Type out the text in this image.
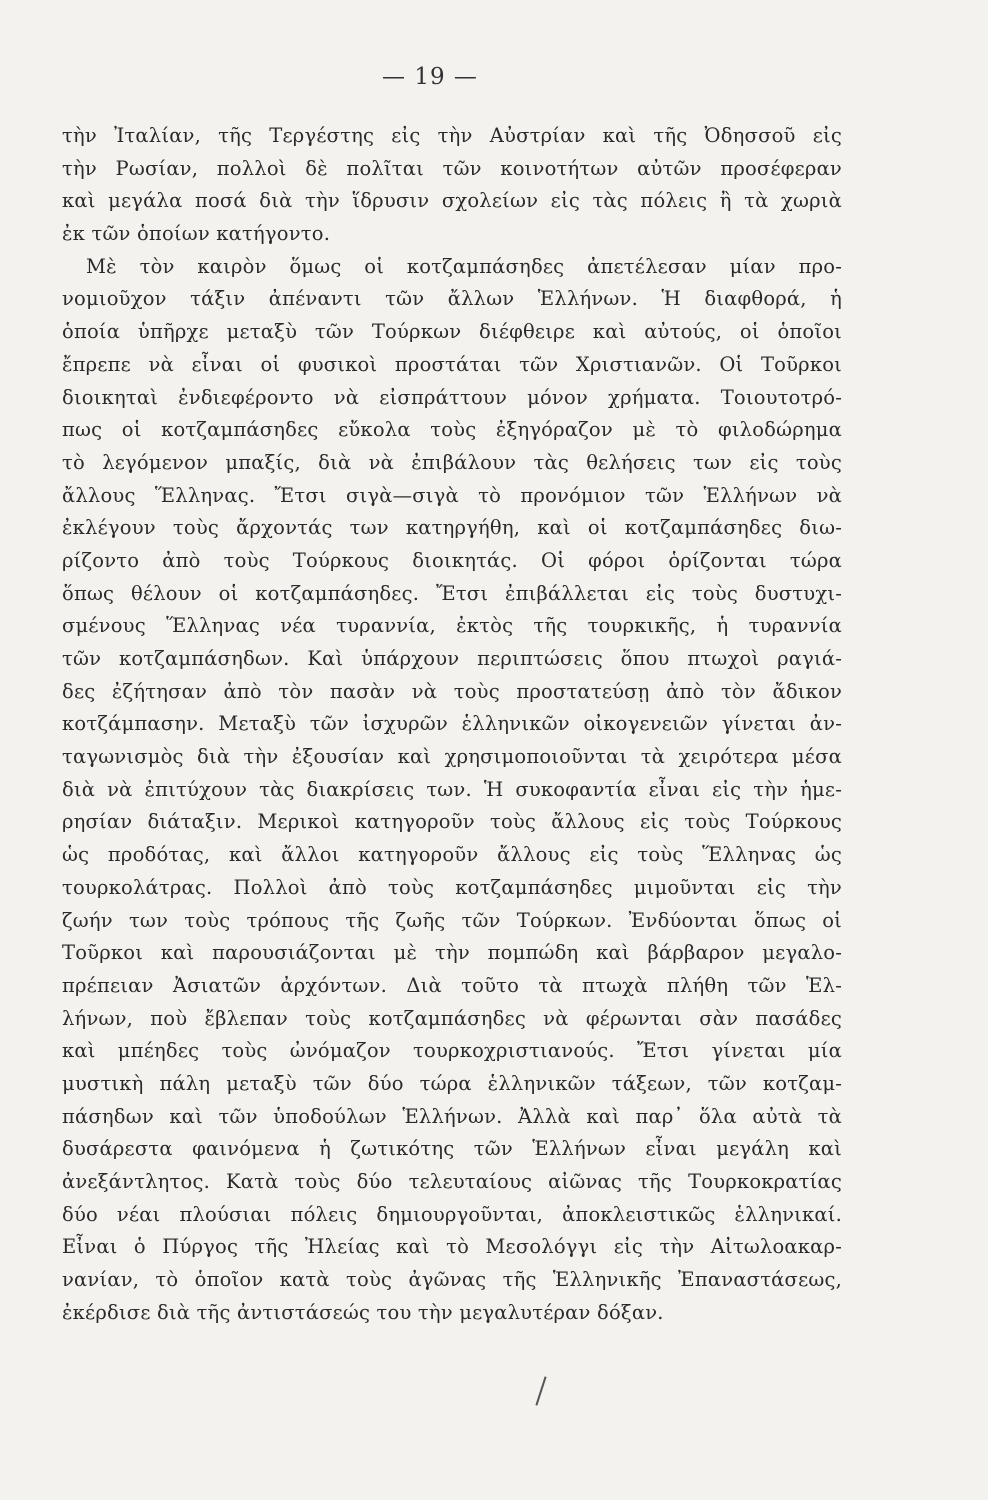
— 19 —
τὴν Ἰταλίαν, τῆς Τεργέστης εἰς τὴν Αὐστρίαν καὶ τῆς Ὀδησσοῦ εἰς
τὴν Ρωσίαν, πολλοὶ δὲ πολῖται τῶν κοινοτήτων αὐτῶν προσέφεραν
καὶ μεγάλα ποσά διὰ τὴν ἵδρυσιν σχολείων εἰς τὰς πόλεις ἢ τὰ χωριὰ
ἐκ τῶν ὁποίων κατήγοντο.
Μὲ τὸν καιρὸν ὅμως οἱ κοτζαμπάσηδες ἀπετέλεσαν μίαν προ-
νομιοῦχον τάξιν ἀπέναντι τῶν ἄλλων Ἑλλήνων. Ἡ διαφθορά, ἡ
ὁποία ὑπῆρχε μεταξὺ τῶν Τούρκων διέφθειρε καὶ αὐτούς, οἱ ὁποῖοι
ἔπρεπε νὰ εἶναι οἱ φυσικοὶ προστάται τῶν Χριστιανῶν. Οἱ Τοῦρκοι
διοικηταὶ ἐνδιεφέροντο νὰ εἰσπράττουν μόνον χρήματα. Τοιουτοτρό-
πως οἱ κοτζαμπάσηδες εὔκολα τοὺς ἐξηγόραζον μὲ τὸ φιλοδώρημα
τὸ λεγόμενον μπαξίς, διὰ νὰ ἐπιβάλουν τὰς θελήσεις των εἰς τοὺς
ἄλλους Ἕλληνας. Ἔτσι σιγὰ—σιγὰ τὸ προνόμιον τῶν Ἑλλήνων νὰ
ἐκλέγουν τοὺς ἄρχοντάς των κατηργήθη, καὶ οἱ κοτζαμπάσηδες διω-
ρίζοντο ἀπὸ τοὺς Τούρκους διοικητάς. Οἱ φόροι ὁρίζονται τώρα
ὅπως θέλουν οἱ κοτζαμπάσηδες. Ἔτσι ἐπιβάλλεται εἰς τοὺς δυστυχι-
σμένους Ἕλληνας νέα τυραννία, ἐκτὸς τῆς τουρκικῆς, ἡ τυραννία
τῶν κοτζαμπάσηδων. Καὶ ὑπάρχουν περιπτώσεις ὅπου πτωχοὶ ραγιά-
δες ἐζήτησαν ἀπὸ τὸν πασὰν νὰ τοὺς προστατεύσῃ ἀπὸ τὸν ἄδικον
κοτζάμπασην. Μεταξὺ τῶν ἰσχυρῶν ἑλληνικῶν οἰκογενειῶν γίνεται ἀν-
ταγωνισμὸς διὰ τὴν ἐξουσίαν καὶ χρησιμοποιοῦνται τὰ χειρότερα μέσα
διὰ νὰ ἐπιτύχουν τὰς διακρίσεις των. Ἡ συκοφαντία εἶναι εἰς τὴν ἡμε-
ρησίαν διάταξιν. Μερικοὶ κατηγοροῦν τοὺς ἄλλους εἰς τοὺς Τούρκους
ὡς προδότας, καὶ ἄλλοι κατηγοροῦν ἄλλους εἰς τοὺς Ἕλληνας ὡς
τουρκολάτρας. Πολλοὶ ἀπὸ τοὺς κοτζαμπάσηδες μιμοῦνται εἰς τὴν
ζωήν των τοὺς τρόπους τῆς ζωῆς τῶν Τούρκων. Ἐνδύονται ὅπως οἱ
Τοῦρκοι καὶ παρουσιάζονται μὲ τὴν πομπώδη καὶ βάρβαρον μεγαλο-
πρέπειαν Ἀσιατῶν ἀρχόντων. Διὰ τοῦτο τὰ πτωχὰ πλήθη τῶν Ἑλ-
λήνων, ποὺ ἔβλεπαν τοὺς κοτζαμπάσηδες νὰ φέρωνται σὰν πασάδες
καὶ μπέηδες τοὺς ὠνόμαζον τουρκοχριστιανούς. Ἔτσι γίνεται μία
μυστικὴ πάλη μεταξὺ τῶν δύο τώρα ἑλληνικῶν τάξεων, τῶν κοτζαμ-
πάσηδων καὶ τῶν ὑποδούλων Ἑλλήνων. Ἀλλὰ καὶ παρ᾽ ὅλα αὐτὰ τὰ
δυσάρεστα φαινόμενα ἡ ζωτικότης τῶν Ἑλλήνων εἶναι μεγάλη καὶ
ἀνεξάντλητος. Κατὰ τοὺς δύο τελευταίους αἰῶνας τῆς Τουρκοκρατίας
δύο νέαι πλούσιαι πόλεις δημιουργοῦνται, ἀποκλειστικῶς ἑλληνικαί.
Εἶναι ὁ Πύργος τῆς Ἠλείας καὶ τὸ Μεσολόγγι εἰς τὴν Αἰτωλοακαρ-
νανίαν, τὸ ὁποῖον κατὰ τοὺς ἀγῶνας τῆς Ἑλληνικῆς Ἐπαναστάσεως,
ἐκέρδισε διὰ τῆς ἀντιστάσεώς του τὴν μεγαλυτέραν δόξαν.
